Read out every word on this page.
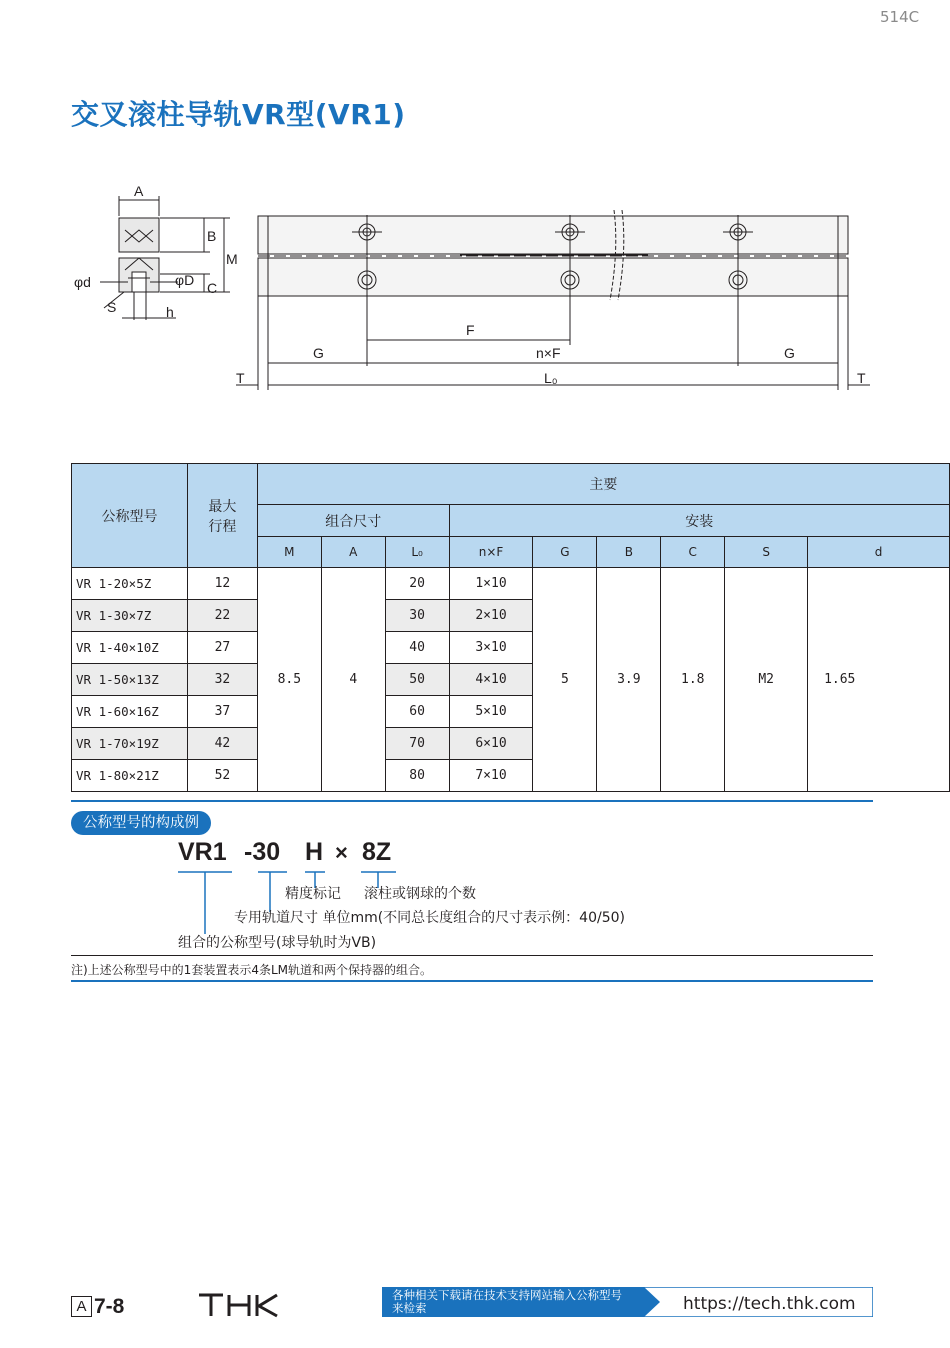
514C
交叉滚柱导轨VR型(VR1)
A
B
M
φd	φD C
S	h
F
G	n×F	G
T	L₀	T
公称型号	最大
行程	主要								
		组合尺寸			安装					
		M	A	L₀	n×F	G	B	C	S	d
VR 1-20×5Z	12	8.5	4	20	1×10	5	3.9	1.8	M2	1.65
VR 1-30×7Z	22			30	2×10					
VR 1-40×10Z	27			40	3×10					
VR 1-50×13Z	32			50	4×10					
VR 1-60×16Z	37			60	5×10					
VR 1-70×19Z	42			70	6×10					
VR 1-80×21Z	52			80	7×10					
公称型号的构成例
VR1 -30 H × 8Z
精度标记 滚柱或钢球的个数
专用轨道尺寸 单位mm(不同总长度组合的尺寸表示例：40/50)
组合的公称型号(球导轨时为VB)
注)上述公称型号中的1套装置表示4条LM轨道和两个保持器的组合。
A 7-8	各种相关下载请在技术支持网站输入公称型号来检索	https://tech.thk.com
